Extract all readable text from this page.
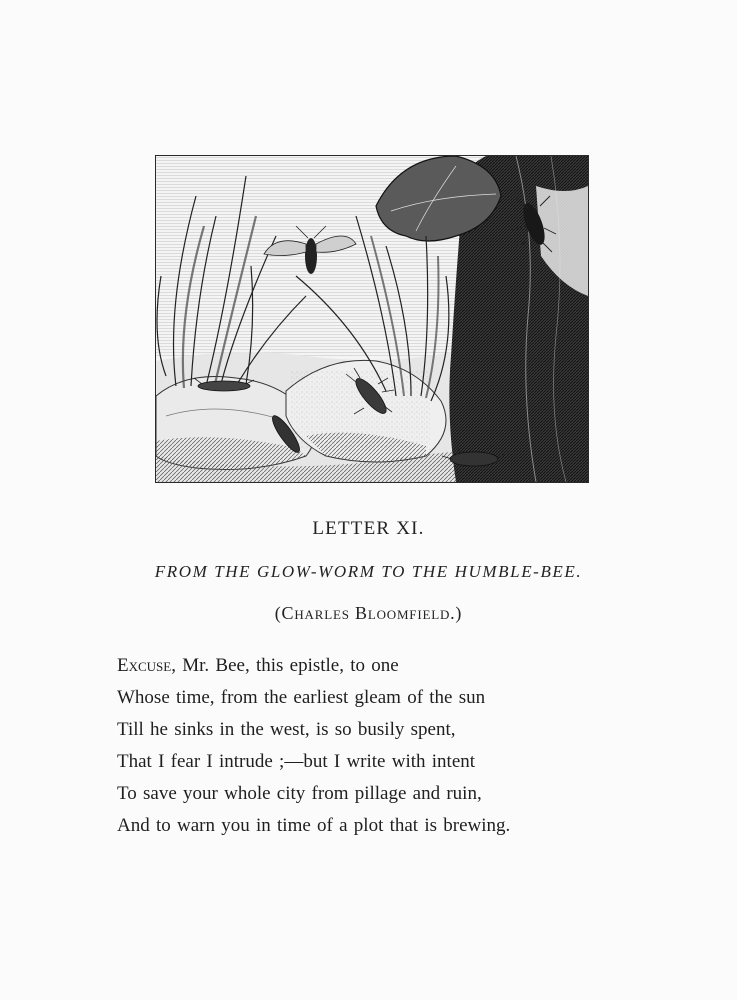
LETTER XI.
FROM THE GLOW-WORM TO THE HUMBLE-BEE.
(Charles Bloomfield.)
Excuse, Mr. Bee, this epistle, to one
Whose time, from the earliest gleam of the sun
Till he sinks in the west, is so busily spent,
That I fear I intrude ;—but I write with intent
To save your whole city from pillage and ruin,
And to warn you in time of a plot that is brewing.
